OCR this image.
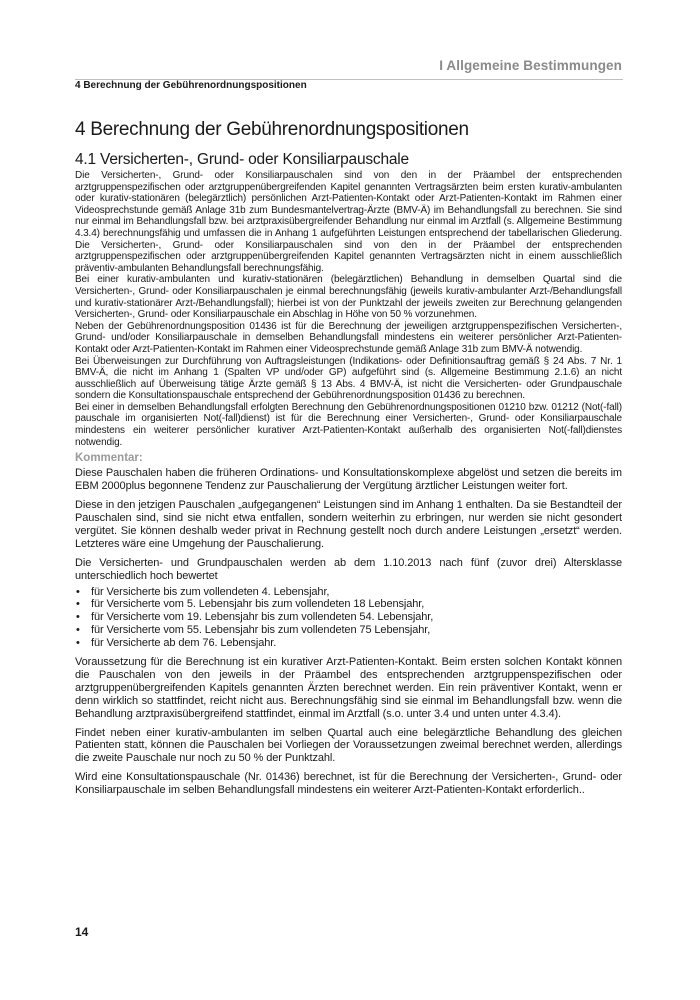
I Allgemeine Bestimmungen
4 Berechnung der Gebührenordnungspositionen
4 Berechnung der Gebührenordnungspositionen
4.1 Versicherten-, Grund- oder Konsiliarpauschale

Die Versicherten-, Grund- oder Konsiliarpauschalen sind von den in der Präambel der entsprechenden arztgruppenspezifischen oder arztgruppenübergreifenden Kapitel genannten Vertragsärzten beim ersten kurativ-ambulanten oder kurativ-stationären (belegärztlich) persönlichen Arzt-Patienten-Kontakt oder Arzt-Patienten-Kontakt im Rahmen einer Videosprechstunde gemäß Anlage 31b zum Bundesmantelvertrag-Ärzte (BMV-Ä) im Behandlungsfall zu berechnen. Sie sind nur einmal im Behandlungsfall bzw. bei arztpraxisübergreifender Behandlung nur einmal im Arztfall (s. Allgemeine Bestimmung 4.3.4) berechnungsfähig und umfassen die in Anhang 1 aufgeführten Leistungen entsprechend der tabellarischen Gliederung. Die Versicherten-, Grund- oder Konsiliarpauschalen sind von den in der Präambel der entsprechenden arztgruppenspezifischen oder arztgruppenübergreifenden Kapitel genannten Vertragsärzten nicht in einem ausschließlich präventiv-ambulanten Behandlungsfall berechnungsfähig.

Bei einer kurativ-ambulanten und kurativ-stationären (belegärztlichen) Behandlung in demselben Quartal sind die Versicherten-, Grund- oder Konsiliarpauschalen je einmal berechnungsfähig (jeweils kurativ-ambulanter Arzt-/Behandlungsfall und kurativ-stationärer Arzt-/Behandlungsfall); hierbei ist von der Punktzahl der jeweils zweiten zur Berechnung gelangenden Versicherten-, Grund- oder Konsiliarpauschale ein Abschlag in Höhe von 50 % vorzunehmen.

Neben der Gebührenordnungsposition 01436 ist für die Berechnung der jeweiligen arztgruppenspezifischen Versicherten-, Grund- und/oder Konsiliarpauschale in demselben Behandlungsfall mindestens ein weiterer persönlicher Arzt-Patienten-Kontakt oder Arzt-Patienten-Kontakt im Rahmen einer Videosprechstunde gemäß Anlage 31b zum BMV-Ä notwendig.

Bei Überweisungen zur Durchführung von Auftragsleistungen (Indikations- oder Definitionsauftrag gemäß § 24 Abs. 7 Nr. 1 BMV-Ä, die nicht im Anhang 1 (Spalten VP und/oder GP) aufgeführt sind (s. Allgemeine Bestimmung 2.1.6) an nicht ausschließlich auf Überweisung tätige Ärzte gemäß § 13 Abs. 4 BMV-Ä, ist nicht die Versicherten- oder Grundpauschale sondern die Konsultationspauschale entsprechend der Gebührenordnungsposition 01436 zu berechnen.

Bei einer in demselben Behandlungsfall erfolgten Berechnung den Gebührenordnungspositionen 01210 bzw. 01212 (Not(-fall) pauschale im organisierten Not(-fall)dienst) ist für die Berechnung einer Versicherten-, Grund- oder Konsiliarpauschale mindestens ein weiterer persönlicher kurativer Arzt-Patienten-Kontakt außerhalb des organisierten Not(-fall)dienstes notwendig.

Kommentar:

Diese Pauschalen haben die früheren Ordinations- und Konsultationskomplexe abgelöst und setzen die bereits im EBM 2000plus begonnene Tendenz zur Pauschalierung der Vergütung ärztlicher Leistungen weiter fort.

Diese in den jetzigen Pauschalen „aufgegangenen“ Leistungen sind im Anhang 1 enthalten. Da sie Bestandteil der Pauschalen sind, sind sie nicht etwa entfallen, sondern weiterhin zu erbringen, nur werden sie nicht gesondert vergütet. Sie können deshalb weder privat in Rechnung gestellt noch durch andere Leistungen „ersetzt“ werden. Letzteres wäre eine Umgehung der Pauschalierung.

Die Versicherten- und Grundpauschalen werden ab dem 1.10.2013 nach fünf (zuvor drei) Altersklasse unterschiedlich hoch bewertet

• für Versicherte bis zum vollendeten 4. Lebensjahr,
• für Versicherte vom 5. Lebensjahr bis zum vollendeten 18 Lebensjahr,
• für Versicherte vom 19. Lebensjahr bis zum vollendeten 54. Lebensjahr,
• für Versicherte vom 55. Lebensjahr bis zum vollendeten 75 Lebensjahr,
• für Versicherte ab dem 76. Lebensjahr.

Voraussetzung für die Berechnung ist ein kurativer Arzt-Patienten-Kontakt. Beim ersten solchen Kontakt können die Pauschalen von den jeweils in der Präambel des entsprechenden arztgruppenspezifischen oder arztgruppenübergreifenden Kapitels genannten Ärzten berechnet werden. Ein rein präventiver Kontakt, wenn er denn wirklich so stattfindet, reicht nicht aus. Berechnungsfähig sind sie einmal im Behandlungsfall bzw. wenn die Behandlung arztpraxisübergreifend stattfindet, einmal im Arztfall (s.o. unter 3.4 und unten unter 4.3.4).

Findet neben einer kurativ-ambulanten im selben Quartal auch eine belegärztliche Behandlung des gleichen Patienten statt, können die Pauschalen bei Vorliegen der Voraussetzungen zweimal berechnet werden, allerdings die zweite Pauschale nur noch zu 50 % der Punktzahl.

Wird eine Konsultationspauschale (Nr. 01436) berechnet, ist für die Berechnung der Versicherten-, Grund- oder Konsiliarpauschale im selben Behandlungsfall mindestens ein weiterer Arzt-Patienten-Kontakt erforderlich..

14
